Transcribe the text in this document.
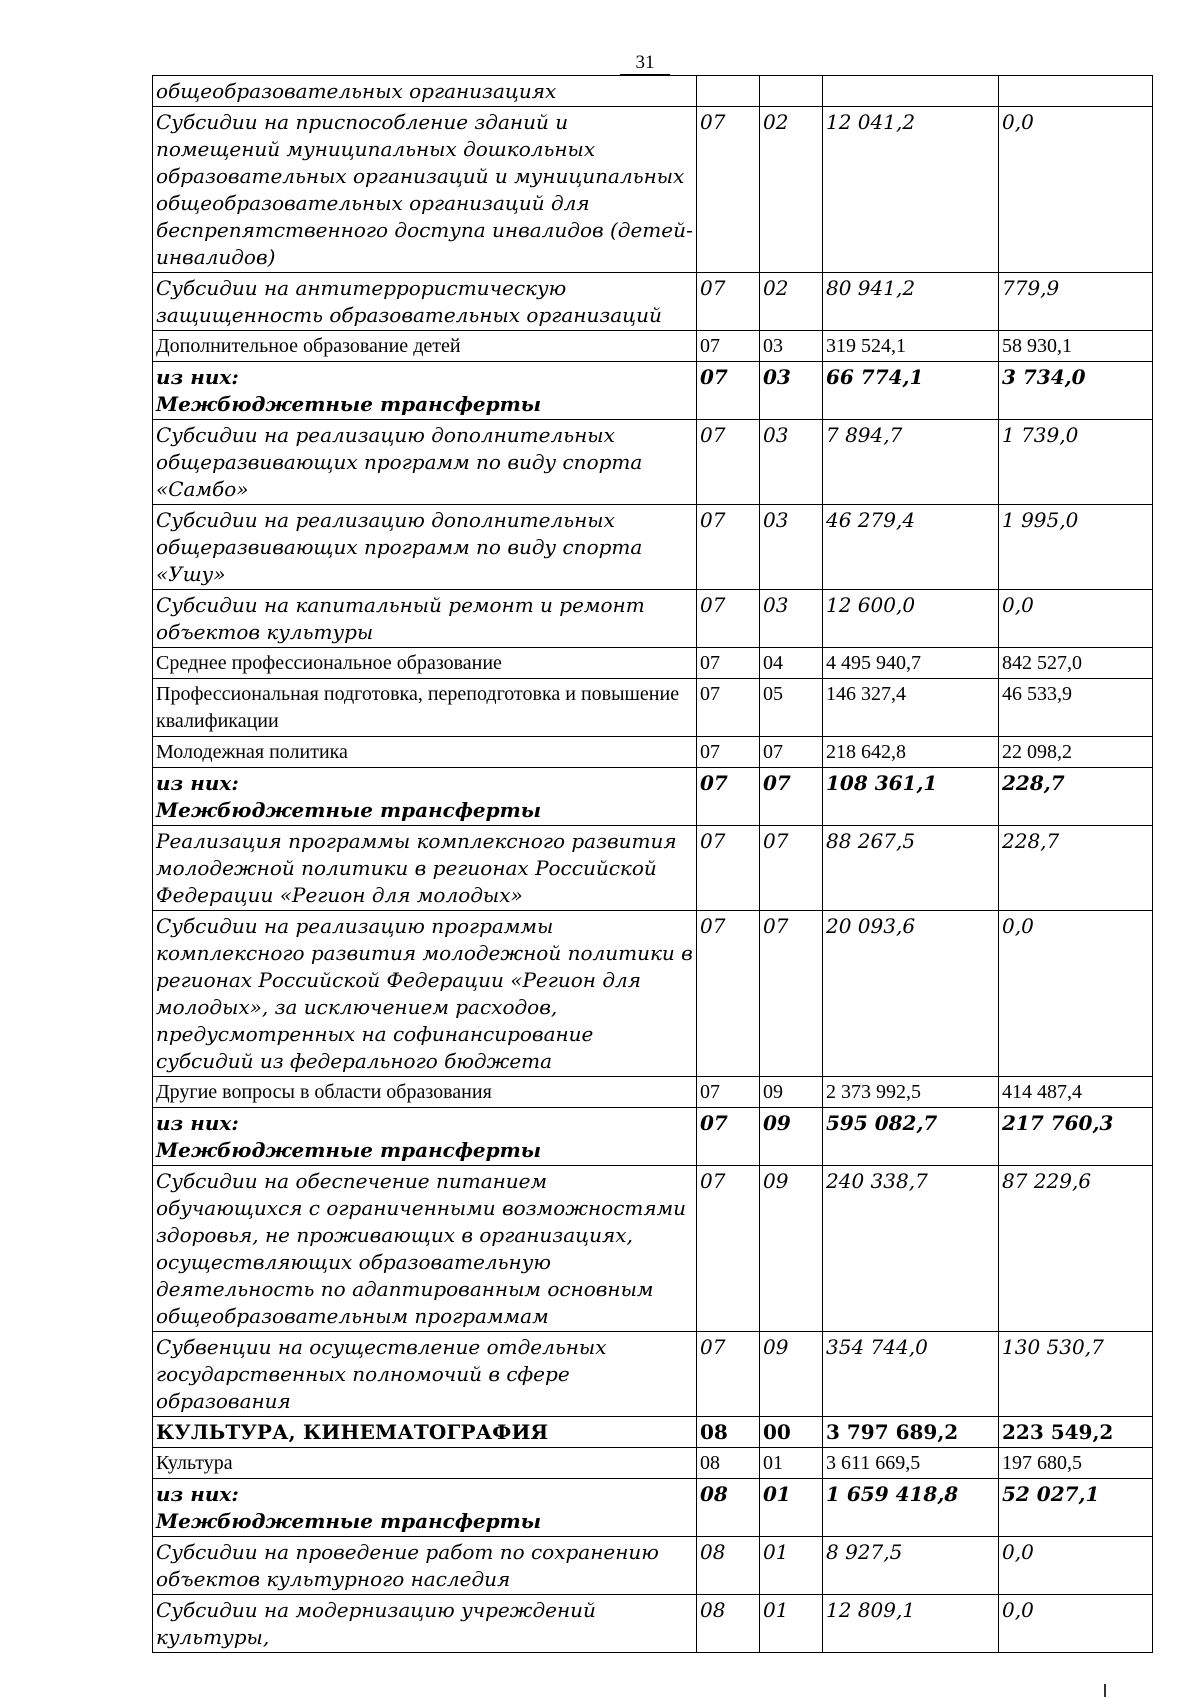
31
общеобразовательных организациях				
Субсидии на приспособление зданий и помещений муниципальных дошкольных образовательных организаций и муниципальных общеобразовательных организаций для беспрепятственного доступа инвалидов (детей-инвалидов)	07	02	12 041,2	0,0
Субсидии на антитеррористическую защищенность образовательных организаций	07	02	80 941,2	779,9
Дополнительное образование детей	07	03	319 524,1	58 930,1
из них:
Межбюджетные трансферты	07	03	66 774,1	3 734,0
Субсидии на реализацию дополнительных общеразвивающих программ по виду спорта «Самбо»	07	03	7 894,7	1 739,0
Субсидии на реализацию дополнительных общеразвивающих программ по виду спорта «Ушу»	07	03	46 279,4	1 995,0
Субсидии на капитальный ремонт и ремонт объектов культуры	07	03	12 600,0	0,0
Среднее профессиональное образование	07	04	4 495 940,7	842 527,0
Профессиональная подготовка, переподготовка и повышение квалификации	07	05	146 327,4	46 533,9
Молодежная политика	07	07	218 642,8	22 098,2
из них:
Межбюджетные трансферты	07	07	108 361,1	228,7
Реализация программы комплексного развития молодежной политики в регионах Российской Федерации «Регион для молодых»	07	07	88 267,5	228,7
Субсидии на реализацию программы комплексного развития молодежной политики в регионах Российской Федерации «Регион для молодых», за исключением расходов, предусмотренных на софинансирование субсидий из федерального бюджета	07	07	20 093,6	0,0
Другие вопросы в области образования	07	09	2 373 992,5	414 487,4
из них:
Межбюджетные трансферты	07	09	595 082,7	217 760,3
Субсидии на обеспечение питанием обучающихся с ограниченными возможностями здоровья, не проживающих в организациях, осуществляющих образовательную деятельность по адаптированным основным общеобразовательным программам	07	09	240 338,7	87 229,6
Субвенции на осуществление отдельных государственных полномочий в сфере образования	07	09	354 744,0	130 530,7
КУЛЬТУРА, КИНЕМАТОГРАФИЯ	08	00	3 797 689,2	223 549,2
Культура	08	01	3 611 669,5	197 680,5
из них:
Межбюджетные трансферты	08	01	1 659 418,8	52 027,1
Субсидии на проведение работ по сохранению объектов культурного наследия	08	01	8 927,5	0,0
Субсидии на модернизацию учреждений культуры,	08	01	12 809,1	0,0
